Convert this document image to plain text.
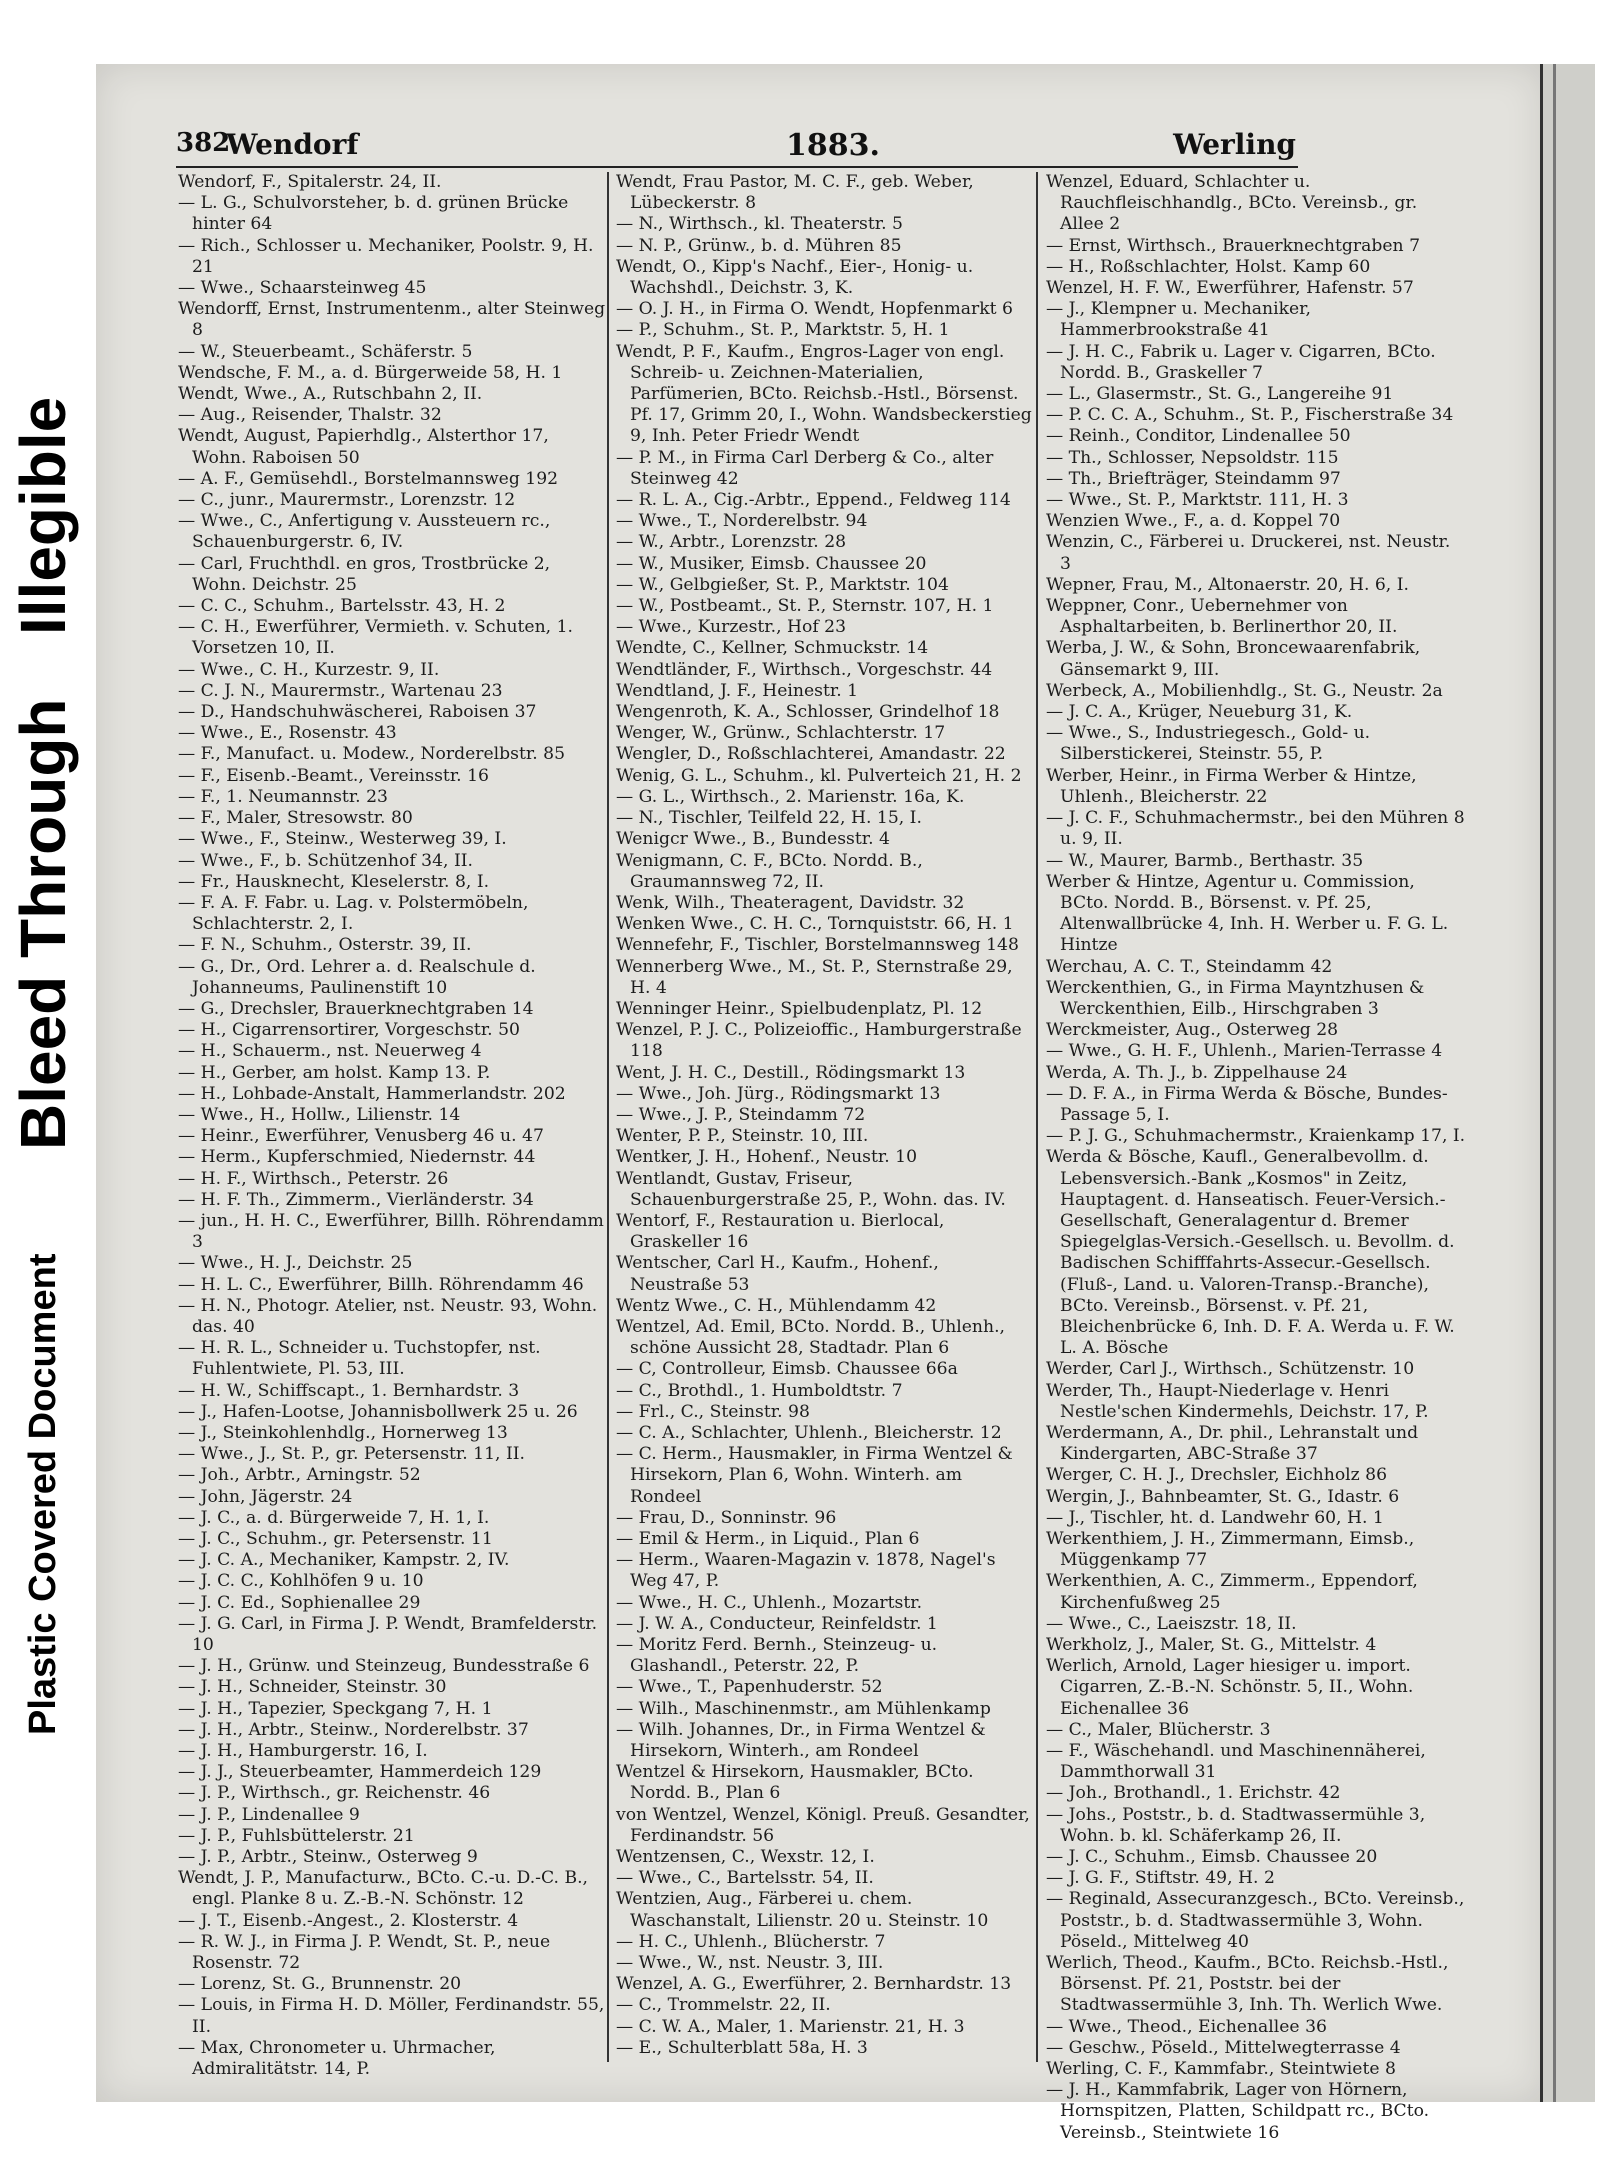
Plastic Covered Document
Bleed Through
Illegible
382
Wendorf	1883.	Werling

Wendorf, F., Spitalerstr. 24, II.

— L. G., Schulvorsteher, b. d. grünen Brücke hinter 64

— Rich., Schlosser u. Mechaniker, Poolstr. 9, H. 21

— Wwe., Schaarsteinweg 45

Wendorff, Ernst, Instrumentenm., alter Steinweg 8

— W., Steuerbeamt., Schäferstr. 5

Wendsche, F. M., a. d. Bürgerweide 58, H. 1

Wendt, Wwe., A., Rutschbahn 2, II.

— Aug., Reisender, Thalstr. 32

Wendt, August, Papierhdlg., Alsterthor 17, Wohn. Raboisen 50

— A. F., Gemüsehdl., Borstelmannsweg 192

— C., junr., Maurermstr., Lorenzstr. 12

— Wwe., C., Anfertigung v. Aussteuern rc., Schauenburgerstr. 6, IV.

— Carl, Fruchthdl. en gros, Trostbrücke 2, Wohn. Deichstr. 25

— C. C., Schuhm., Bartelsstr. 43, H. 2

— C. H., Ewerführer, Vermieth. v. Schuten, 1. Vorsetzen 10, II.

— Wwe., C. H., Kurzestr. 9, II.

— C. J. N., Maurermstr., Wartenau 23

— D., Handschuhwäscherei, Raboisen 37

— Wwe., E., Rosenstr. 43

— F., Manufact. u. Modew., Norderelbstr. 85

— F., Eisenb.-Beamt., Vereinsstr. 16

— F., 1. Neumannstr. 23

— F., Maler, Stresowstr. 80

— Wwe., F., Steinw., Westerweg 39, I.

— Wwe., F., b. Schützenhof 34, II.

— Fr., Hausknecht, Kleselerstr. 8, I.

— F. A. F. Fabr. u. Lag. v. Polstermöbeln, Schlachterstr. 2, I.

— F. N., Schuhm., Osterstr. 39, II.

— G., Dr., Ord. Lehrer a. d. Realschule d. Johanneums, Paulinenstift 10

— G., Drechsler, Brauerknechtgraben 14

— H., Cigarrensortirer, Vorgeschstr. 50

— H., Schauerm., nst. Neuerweg 4

— H., Gerber, am holst. Kamp 13. P.

— H., Lohbade-Anstalt, Hammerlandstr. 202

— Wwe., H., Hollw., Lilienstr. 14

— Heinr., Ewerführer, Venusberg 46 u. 47

— Herm., Kupferschmied, Niedernstr. 44

— H. F., Wirthsch., Peterstr. 26

— H. F. Th., Zimmerm., Vierländerstr. 34

— jun., H. H. C., Ewerführer, Billh. Röhrendamm 3

— Wwe., H. J., Deichstr. 25

— H. L. C., Ewerführer, Billh. Röhrendamm 46

— H. N., Photogr. Atelier, nst. Neustr. 93, Wohn. das. 40

— H. R. L., Schneider u. Tuchstopfer, nst. Fuhlentwiete, Pl. 53, III.

— H. W., Schiffscapt., 1. Bernhardstr. 3

— J., Hafen-Lootse, Johannisbollwerk 25 u. 26

— J., Steinkohlenhdlg., Hornerweg 13

— Wwe., J., St. P., gr. Petersenstr. 11, II.

— Joh., Arbtr., Arningstr. 52

— John, Jägerstr. 24

— J. C., a. d. Bürgerweide 7, H. 1, I.

— J. C., Schuhm., gr. Petersenstr. 11

— J. C. A., Mechaniker, Kampstr. 2, IV.

— J. C. C., Kohlhöfen 9 u. 10

— J. C. Ed., Sophienallee 29

— J. G. Carl, in Firma J. P. Wendt, Bramfelderstr. 10

— J. H., Grünw. und Steinzeug, Bundesstraße 6

— J. H., Schneider, Steinstr. 30

— J. H., Tapezier, Speckgang 7, H. 1

— J. H., Arbtr., Steinw., Norderelbstr. 37

— J. H., Hamburgerstr. 16, I.

— J. J., Steuerbeamter, Hammerdeich 129

— J. P., Wirthsch., gr. Reichenstr. 46

— J. P., Lindenallee 9

— J. P., Fuhlsbüttelerstr. 21

— J. P., Arbtr., Steinw., Osterweg 9

Wendt, J. P., Manufacturw., BCto. C.-u. D.-C. B., engl. Planke 8 u. Z.-B.-N. Schönstr. 12

— J. T., Eisenb.-Angest., 2. Klosterstr. 4

— R. W. J., in Firma J. P. Wendt, St. P., neue Rosenstr. 72

— Lorenz, St. G., Brunnenstr. 20

— Louis, in Firma H. D. Möller, Ferdinandstr. 55, II.

— Max, Chronometer u. Uhrmacher, Admiralitätstr. 14, P.

Wendt, Frau Pastor, M. C. F., geb. Weber, Lübeckerstr. 8

— N., Wirthsch., kl. Theaterstr. 5

— N. P., Grünw., b. d. Mühren 85

Wendt, O., Kipp's Nachf., Eier-, Honig- u. Wachshdl., Deichstr. 3, K.

— O. J. H., in Firma O. Wendt, Hopfenmarkt 6

— P., Schuhm., St. P., Marktstr. 5, H. 1

Wendt, P. F., Kaufm., Engros-Lager von engl. Schreib- u. Zeichnen-Materialien, Parfümerien, BCto. Reichsb.-Hstl., Börsenst. Pf. 17, Grimm 20, I., Wohn. Wandsbeckerstieg 9, Inh. Peter Friedr Wendt

— P. M., in Firma Carl Derberg & Co., alter Steinweg 42

— R. L. A., Cig.-Arbtr., Eppend., Feldweg 114

— Wwe., T., Norderelbstr. 94

— W., Arbtr., Lorenzstr. 28

— W., Musiker, Eimsb. Chaussee 20

— W., Gelbgießer, St. P., Marktstr. 104

— W., Postbeamt., St. P., Sternstr. 107, H. 1

— Wwe., Kurzestr., Hof 23

Wendte, C., Kellner, Schmuckstr. 14

Wendtländer, F., Wirthsch., Vorgeschstr. 44

Wendtland, J. F., Heinestr. 1

Wengenroth, K. A., Schlosser, Grindelhof 18

Wenger, W., Grünw., Schlachterstr. 17

Wengler, D., Roßschlachterei, Amandastr. 22

Wenig, G. L., Schuhm., kl. Pulverteich 21, H. 2

— G. L., Wirthsch., 2. Marienstr. 16a, K.

— N., Tischler, Teilfeld 22, H. 15, I.

Wenigcr Wwe., B., Bundesstr. 4

Wenigmann, C. F., BCto. Nordd. B., Graumannsweg 72, II.

Wenk, Wilh., Theateragent, Davidstr. 32

Wenken Wwe., C. H. C., Tornquiststr. 66, H. 1

Wennefehr, F., Tischler, Borstelmannsweg 148

Wennerberg Wwe., M., St. P., Sternstraße 29, H. 4

Wenninger Heinr., Spielbudenplatz, Pl. 12

Wenzel, P. J. C., Polizeioffic., Hamburgerstraße 118

Went, J. H. C., Destill., Rödingsmarkt 13

— Wwe., Joh. Jürg., Rödingsmarkt 13

— Wwe., J. P., Steindamm 72

Wenter, P. P., Steinstr. 10, III.

Wentker, J. H., Hohenf., Neustr. 10

Wentlandt, Gustav, Friseur, Schauenburgerstraße 25, P., Wohn. das. IV.

Wentorf, F., Restauration u. Bierlocal, Graskeller 16

Wentscher, Carl H., Kaufm., Hohenf., Neustraße 53

Wentz Wwe., C. H., Mühlendamm 42

Wentzel, Ad. Emil, BCto. Nordd. B., Uhlenh., schöne Aussicht 28, Stadtadr. Plan 6

— C, Controlleur, Eimsb. Chaussee 66a

— C., Brothdl., 1. Humboldtstr. 7

— Frl., C., Steinstr. 98

— C. A., Schlachter, Uhlenh., Bleicherstr. 12

— C. Herm., Hausmakler, in Firma Wentzel & Hirsekorn, Plan 6, Wohn. Winterh. am Rondeel

— Frau, D., Sonninstr. 96

— Emil & Herm., in Liquid., Plan 6

— Herm., Waaren-Magazin v. 1878, Nagel's Weg 47, P.

— Wwe., H. C., Uhlenh., Mozartstr.

— J. W. A., Conducteur, Reinfeldstr. 1

— Moritz Ferd. Bernh., Steinzeug- u. Glashandl., Peterstr. 22, P.

— Wwe., T., Papenhuderstr. 52

— Wilh., Maschinenmstr., am Mühlenkamp

— Wilh. Johannes, Dr., in Firma Wentzel & Hirsekorn, Winterh., am Rondeel

Wentzel & Hirsekorn, Hausmakler, BCto. Nordd. B., Plan 6

von Wentzel, Wenzel, Königl. Preuß. Gesandter, Ferdinandstr. 56

Wentzensen, C., Wexstr. 12, I.

— Wwe., C., Bartelsstr. 54, II.

Wentzien, Aug., Färberei u. chem. Waschanstalt, Lilienstr. 20 u. Steinstr. 10

— H. C., Uhlenh., Blücherstr. 7

— Wwe., W., nst. Neustr. 3, III.

Wenzel, A. G., Ewerführer, 2. Bernhardstr. 13

— C., Trommelstr. 22, II.

— C. W. A., Maler, 1. Marienstr. 21, H. 3

— E., Schulterblatt 58a, H. 3

Wenzel, Eduard, Schlachter u. Rauchfleischhandlg., BCto. Vereinsb., gr. Allee 2

— Ernst, Wirthsch., Brauerknechtgraben 7

— H., Roßschlachter, Holst. Kamp 60

Wenzel, H. F. W., Ewerführer, Hafenstr. 57

— J., Klempner u. Mechaniker, Hammerbrookstraße 41

— J. H. C., Fabrik u. Lager v. Cigarren, BCto. Nordd. B., Graskeller 7

— L., Glasermstr., St. G., Langereihe 91

— P. C. C. A., Schuhm., St. P., Fischerstraße 34

— Reinh., Conditor, Lindenallee 50

— Th., Schlosser, Nepsoldstr. 115

— Th., Briefträger, Steindamm 97

— Wwe., St. P., Marktstr. 111, H. 3

Wenzien Wwe., F., a. d. Koppel 70

Wenzin, C., Färberei u. Druckerei, nst. Neustr. 3

Wepner, Frau, M., Altonaerstr. 20, H. 6, I.

Weppner, Conr., Uebernehmer von Asphaltarbeiten, b. Berlinerthor 20, II.

Werba, J. W., & Sohn, Broncewaarenfabrik, Gänsemarkt 9, III.

Werbeck, A., Mobilienhdlg., St. G., Neustr. 2a

— J. C. A., Krüger, Neueburg 31, K.

— Wwe., S., Industriegesch., Gold- u. Silberstickerei, Steinstr. 55, P.

Werber, Heinr., in Firma Werber & Hintze, Uhlenh., Bleicherstr. 22

— J. C. F., Schuhmachermstr., bei den Mühren 8 u. 9, II.

— W., Maurer, Barmb., Berthastr. 35

Werber & Hintze, Agentur u. Commission, BCto. Nordd. B., Börsenst. v. Pf. 25, Altenwallbrücke 4, Inh. H. Werber u. F. G. L. Hintze

Werchau, A. C. T., Steindamm 42

Werckenthien, G., in Firma Mayntzhusen & Werckenthien, Eilb., Hirschgraben 3

Werckmeister, Aug., Osterweg 28

— Wwe., G. H. F., Uhlenh., Marien-Terrasse 4

Werda, A. Th. J., b. Zippelhause 24

— D. F. A., in Firma Werda & Bösche, Bundes-Passage 5, I.

— P. J. G., Schuhmachermstr., Kraienkamp 17, I.

Werda & Bösche, Kaufl., Generalbevollm. d. Lebensversich.-Bank „Kosmos" in Zeitz, Hauptagent. d. Hanseatisch. Feuer-Versich.-Gesellschaft, Generalagentur d. Bremer Spiegelglas-Versich.-Gesellsch. u. Bevollm. d. Badischen Schifffahrts-Assecur.-Gesellsch. (Fluß-, Land. u. Valoren-Transp.-Branche), BCto. Vereinsb., Börsenst. v. Pf. 21, Bleichenbrücke 6, Inh. D. F. A. Werda u. F. W. L. A. Bösche

Werder, Carl J., Wirthsch., Schützenstr. 10

Werder, Th., Haupt-Niederlage v. Henri Nestle'schen Kindermehls, Deichstr. 17, P.

Werdermann, A., Dr. phil., Lehranstalt und Kindergarten, ABC-Straße 37

Werger, C. H. J., Drechsler, Eichholz 86

Wergin, J., Bahnbeamter, St. G., Idastr. 6

— J., Tischler, ht. d. Landwehr 60, H. 1

Werkenthiem, J. H., Zimmermann, Eimsb., Müggenkamp 77

Werkenthien, A. C., Zimmerm., Eppendorf, Kirchenfußweg 25

— Wwe., C., Laeiszstr. 18, II.

Werkholz, J., Maler, St. G., Mittelstr. 4

Werlich, Arnold, Lager hiesiger u. import. Cigarren, Z.-B.-N. Schönstr. 5, II., Wohn. Eichenallee 36

— C., Maler, Blücherstr. 3

— F., Wäschehandl. und Maschinennäherei, Dammthorwall 31

— Joh., Brothandl., 1. Erichstr. 42

— Johs., Poststr., b. d. Stadtwassermühle 3, Wohn. b. kl. Schäferkamp 26, II.

— J. C., Schuhm., Eimsb. Chaussee 20

— J. G. F., Stiftstr. 49, H. 2

— Reginald, Assecuranzgesch., BCto. Vereinsb., Poststr., b. d. Stadtwassermühle 3, Wohn. Pöseld., Mittelweg 40

Werlich, Theod., Kaufm., BCto. Reichsb.-Hstl., Börsenst. Pf. 21, Poststr. bei der Stadtwassermühle 3, Inh. Th. Werlich Wwe.

— Wwe., Theod., Eichenallee 36

— Geschw., Pöseld., Mittelwegterrasse 4

Werling, C. F., Kammfabr., Steintwiete 8

— J. H., Kammfabrik, Lager von Hörnern, Hornspitzen, Platten, Schildpatt rc., BCto. Vereinsb., Steintwiete 16
